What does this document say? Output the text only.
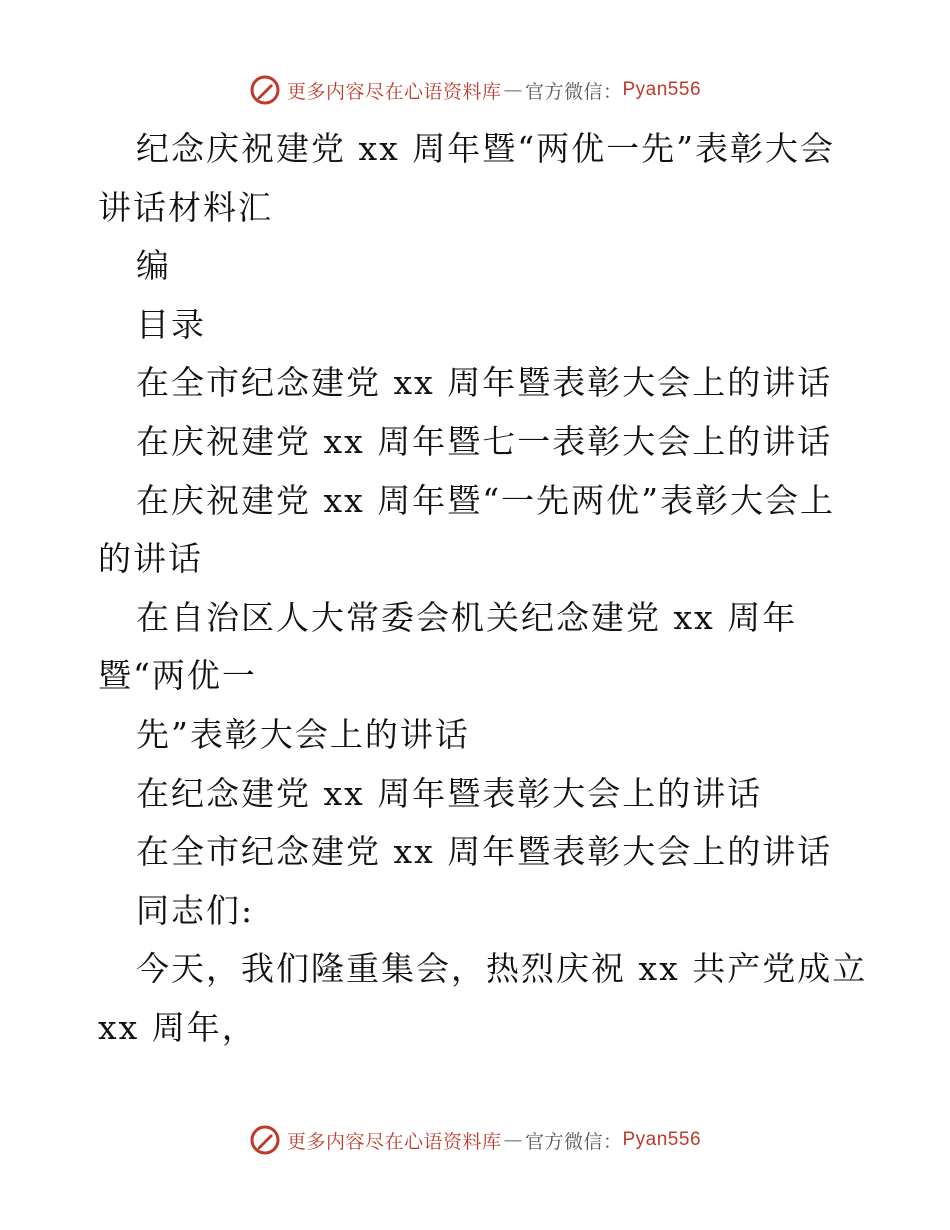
更多内容尽在心语资料库 — 官方微信： Pyan556
纪念庆祝建党 xx 周年暨“两优一先”表彰大会
讲话材料汇
编
目录
在全市纪念建党 xx 周年暨表彰大会上的讲话
在庆祝建党 xx 周年暨七一表彰大会上的讲话
在庆祝建党 xx 周年暨“一先两优”表彰大会上
的讲话
在自治区人大常委会机关纪念建党 xx 周年
暨“两优一
先”表彰大会上的讲话
在纪念建党 xx 周年暨表彰大会上的讲话
在全市纪念建党 xx 周年暨表彰大会上的讲话
同志们:
今天，我们隆重集会，热烈庆祝 xx 共产党成立
xx 周年，
更多内容尽在心语资料库 — 官方微信： Pyan556
